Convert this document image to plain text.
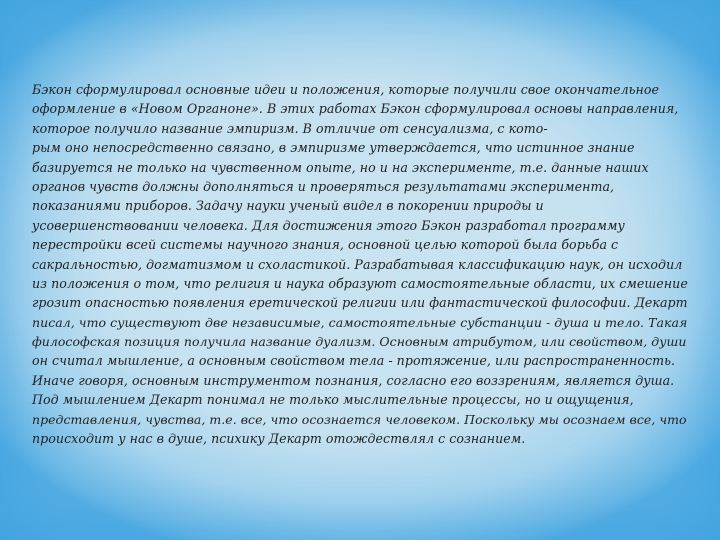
Бэкон сформулировал основные идеи и положения, которые получили свое окончательное
оформление в «Новом Органоне». В этих работах Бэкон сформулировал основы направления,
которое получило название эмпиризм. В отличие от сенсуализма, с кото-
рым оно непосредственно связано, в эмпиризме утверждается, что истинное знание
базируется не только на чувственном опыте, но и на эксперименте, т.е. данные наших
органов чувств должны дополняться и проверяться результатами эксперимента,
показаниями приборов. Задачу науки ученый видел в покорении природы и
усовершенствовании человека. Для достижения этого Бэкон разработал программу
перестройки всей системы научного знания, основной целью которой была борьба с
сакральностью, догматизмом и схоластикой. Разрабатывая классификацию наук, он исходил
из положения о том, что религия и наука образуют самостоятельные области, их смешение
грозит опасностью появления еретической религии или фантастической философии. Декарт
писал, что существуют две независимые, самостоятельные субстанции - душа и тело. Такая
философская позиция получила название дуализм. Основным атрибутом, или свойством, души
он считал мышление, а основным свойством тела - протяжение, или распространенность.
Иначе говоря, основным инструментом познания, согласно его воззрениям, является душа.
Под мышлением Декарт понимал не только мыслительные процессы, но и ощущения,
представления, чувства, т.е. все, что осознается человеком. Поскольку мы осознаем все, что
происходит у нас в душе, психику Декарт отождествлял с сознанием.
